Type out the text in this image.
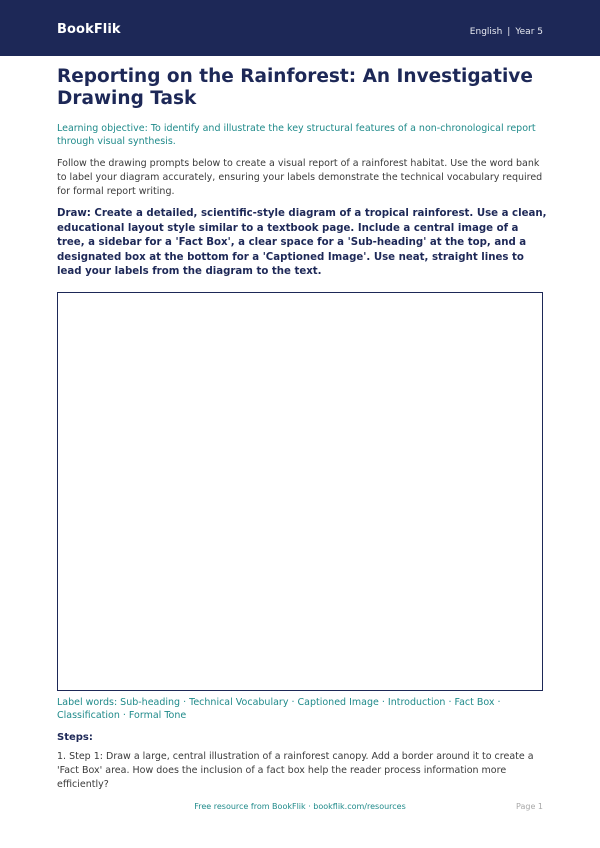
BookFlik	English | Year 5
Reporting on the Rainforest: An Investigative Drawing Task

Learning objective: To identify and illustrate the key structural features of a non-chronological report through visual synthesis.

Follow the drawing prompts below to create a visual report of a rainforest habitat. Use the word bank to label your diagram accurately, ensuring your labels demonstrate the technical vocabulary required for formal report writing.

Draw: Create a detailed, scientific-style diagram of a tropical rainforest. Use a clean, educational layout style similar to a textbook page. Include a central image of a tree, a sidebar for a 'Fact Box', a clear space for a 'Sub-heading' at the top, and a designated box at the bottom for a 'Captioned Image'. Use neat, straight lines to lead your labels from the diagram to the text.

Label words: Sub-heading · Technical Vocabulary · Captioned Image · Introduction · Fact Box · Classification · Formal Tone

Steps:

1. Step 1: Draw a large, central illustration of a rainforest canopy. Add a border around it to create a 'Fact Box' area. How does the inclusion of a fact box help the reader process information more efficiently?

Free resource from BookFlik · bookflik.com/resources	Page 1
